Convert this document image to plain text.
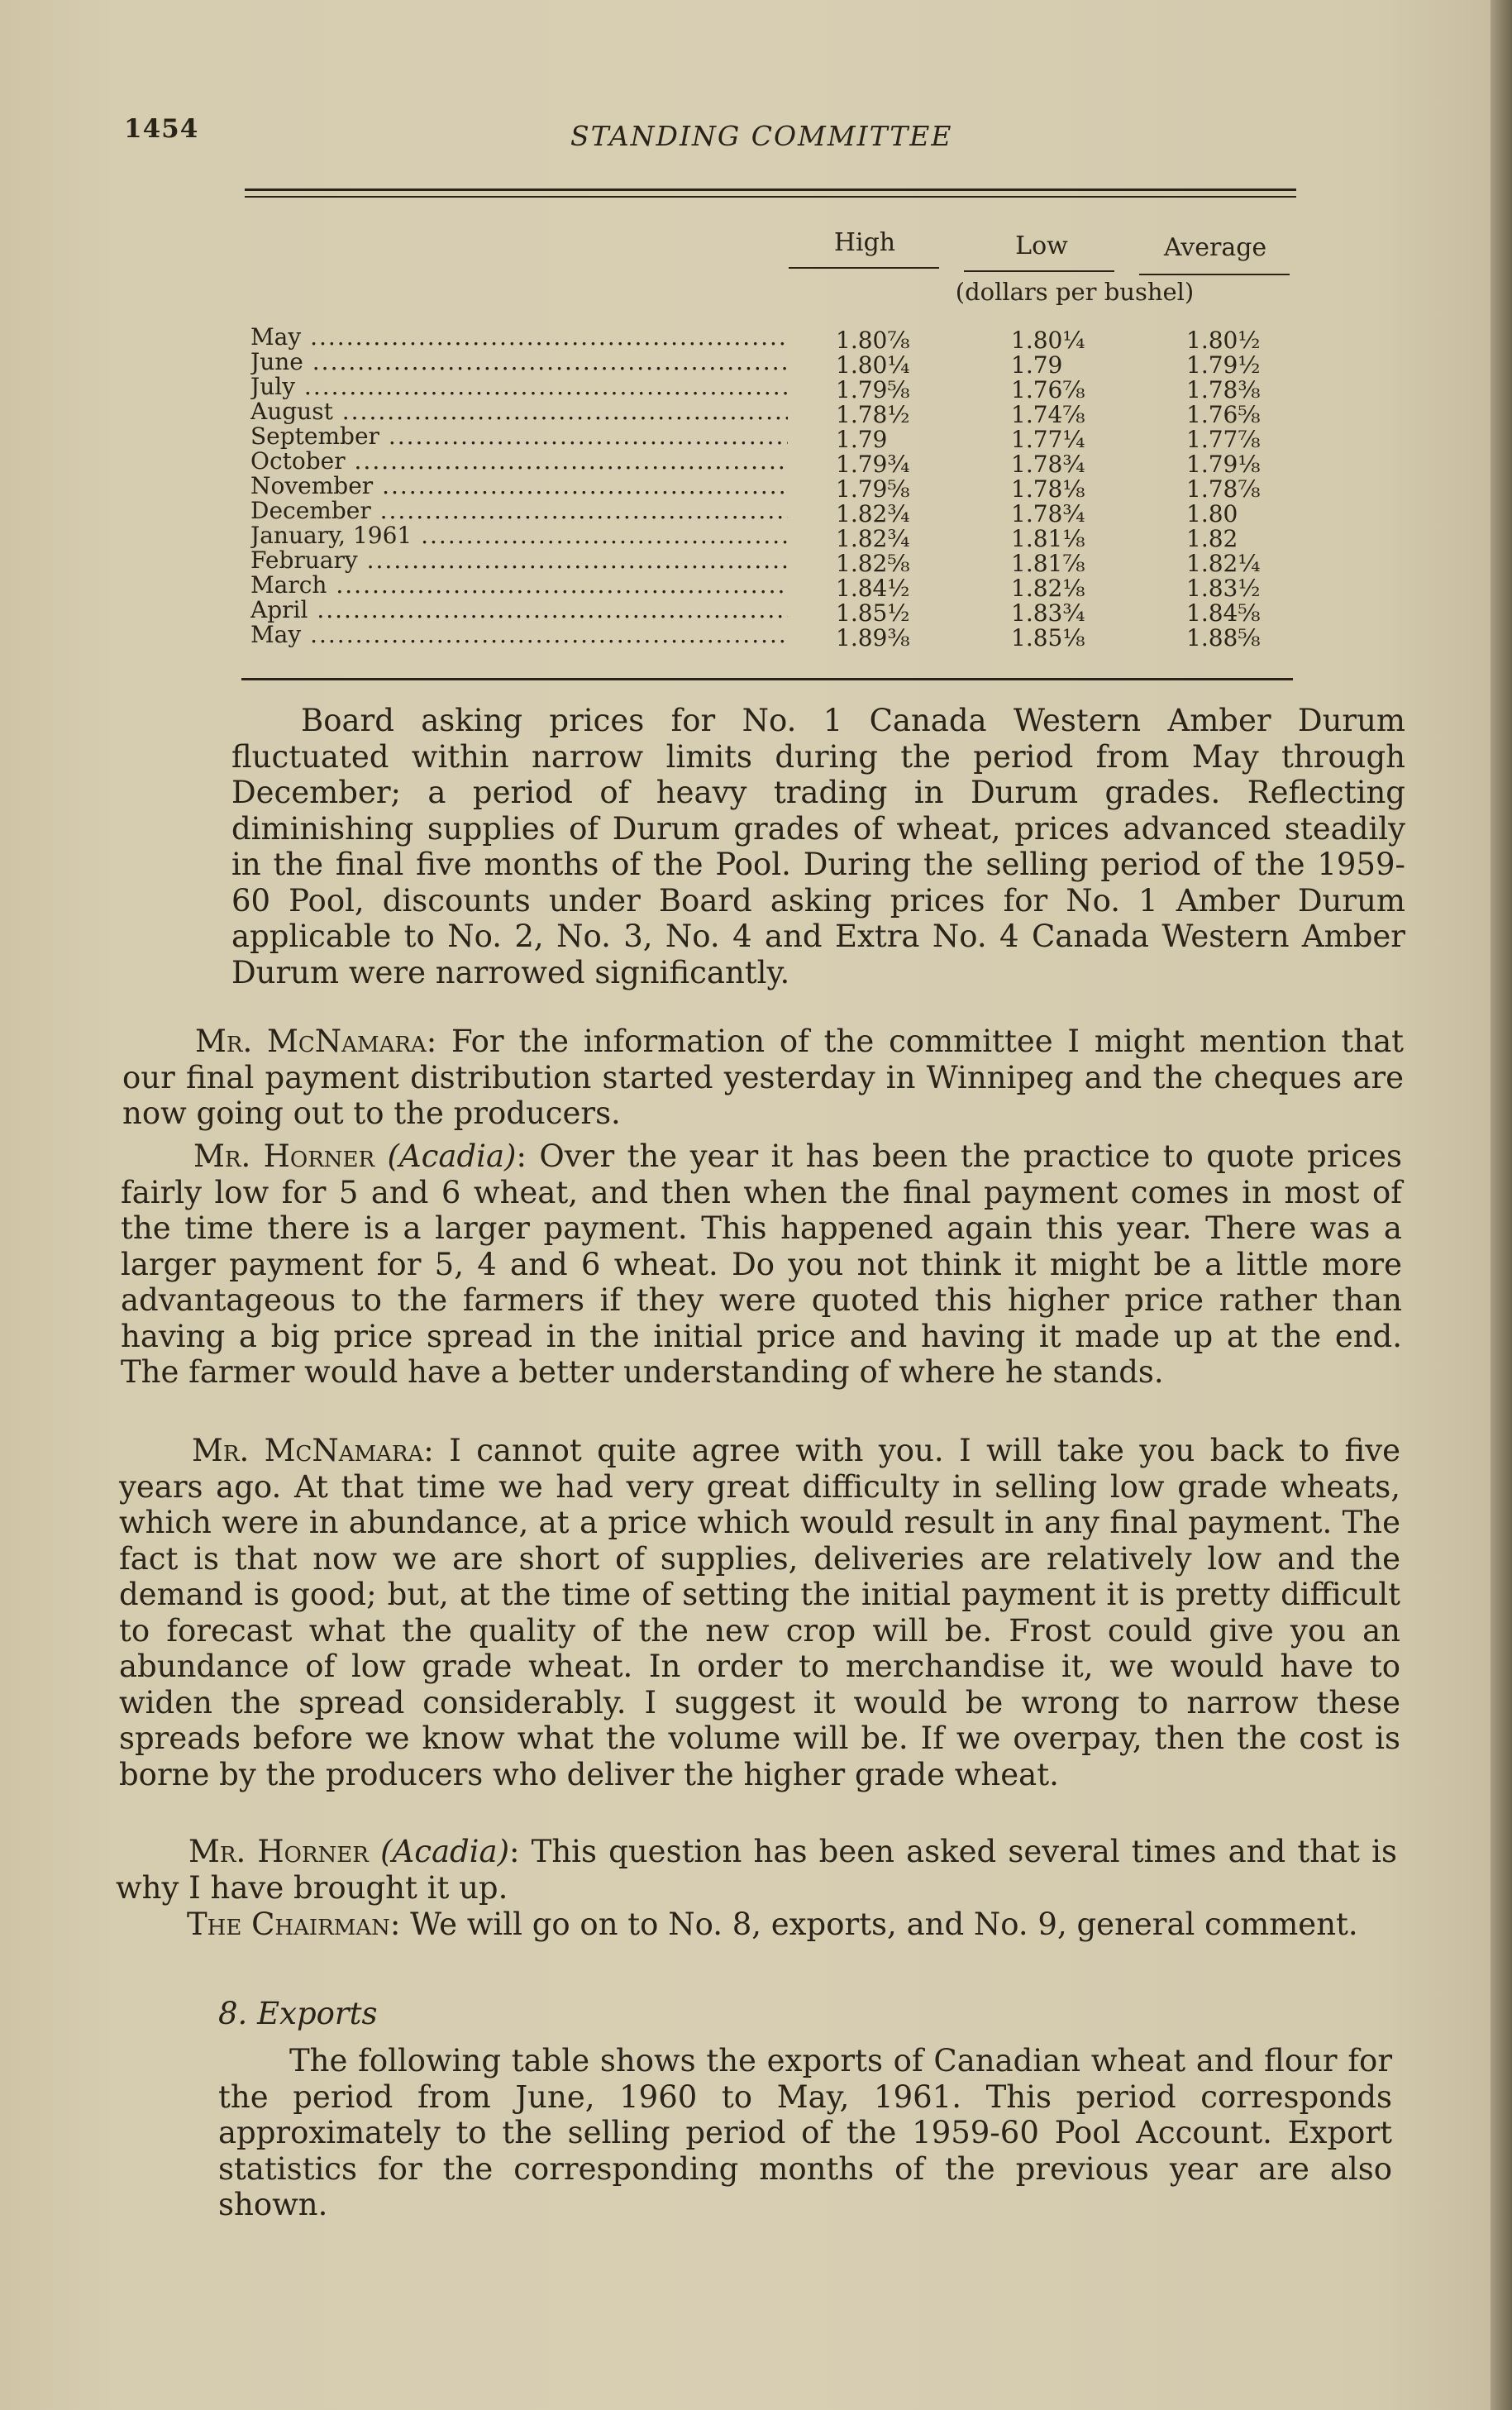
1454	STANDING COMMITTEE
High	Low	Average
(dollars per bushel)
May .....	1.80⅞	1.80¼	1.80½
June .....	1.80¼	1.79	1.79½
July .....	1.79⅝	1.76⅞	1.78⅜
August .....	1.78½	1.74⅞	1.76⅝
September .....	1.79	1.77¼	1.77⅞
October .....	1.79¾	1.78¾	1.79⅛
November .....	1.79⅝	1.78⅛	1.78⅞
December .....	1.82¾	1.78¾	1.80
January, 1961 .....	1.82¾	1.81⅛	1.82
February .....	1.82⅝	1.81⅞	1.82¼
March .....	1.84½	1.82⅛	1.83½
April .....	1.85½	1.83¾	1.84⅝
May .....	1.89⅜	1.85⅛	1.88⅝

Board asking prices for No. 1 Canada Western Amber Durum fluctuated within narrow limits during the period from May through December; a period of heavy trading in Durum grades. Reflecting diminishing supplies of Durum grades of wheat, prices advanced steadily in the final five months of the Pool. During the selling period of the 1959-60 Pool, discounts under Board asking prices for No. 1 Amber Durum applicable to No. 2, No. 3, No. 4 and Extra No. 4 Canada Western Amber Durum were narrowed significantly.

Mr. McNamara: For the information of the committee I might mention that our final payment distribution started yesterday in Winnipeg and the cheques are now going out to the producers.

Mr. Horner (Acadia): Over the year it has been the practice to quote prices fairly low for 5 and 6 wheat, and then when the final payment comes in most of the time there is a larger payment. This happened again this year. There was a larger payment for 5, 4 and 6 wheat. Do you not think it might be a little more advantageous to the farmers if they were quoted this higher price rather than having a big price spread in the initial price and having it made up at the end. The farmer would have a better understanding of where he stands.

Mr. McNamara: I cannot quite agree with you. I will take you back to five years ago. At that time we had very great difficulty in selling low grade wheats, which were in abundance, at a price which would result in any final payment. The fact is that now we are short of supplies, deliveries are relatively low and the demand is good; but, at the time of setting the initial payment it is pretty difficult to forecast what the quality of the new crop will be. Frost could give you an abundance of low grade wheat. In order to merchandise it, we would have to widen the spread considerably. I suggest it would be wrong to narrow these spreads before we know what the volume will be. If we overpay, then the cost is borne by the producers who deliver the higher grade wheat.

Mr. Horner (Acadia): This question has been asked several times and that is why I have brought it up.

The Chairman: We will go on to No. 8, exports, and No. 9, general comment.

8. Exports

The following table shows the exports of Canadian wheat and flour for the period from June, 1960 to May, 1961. This period corresponds approximately to the selling period of the 1959-60 Pool Account. Export statistics for the corresponding months of the previous year are also shown.
